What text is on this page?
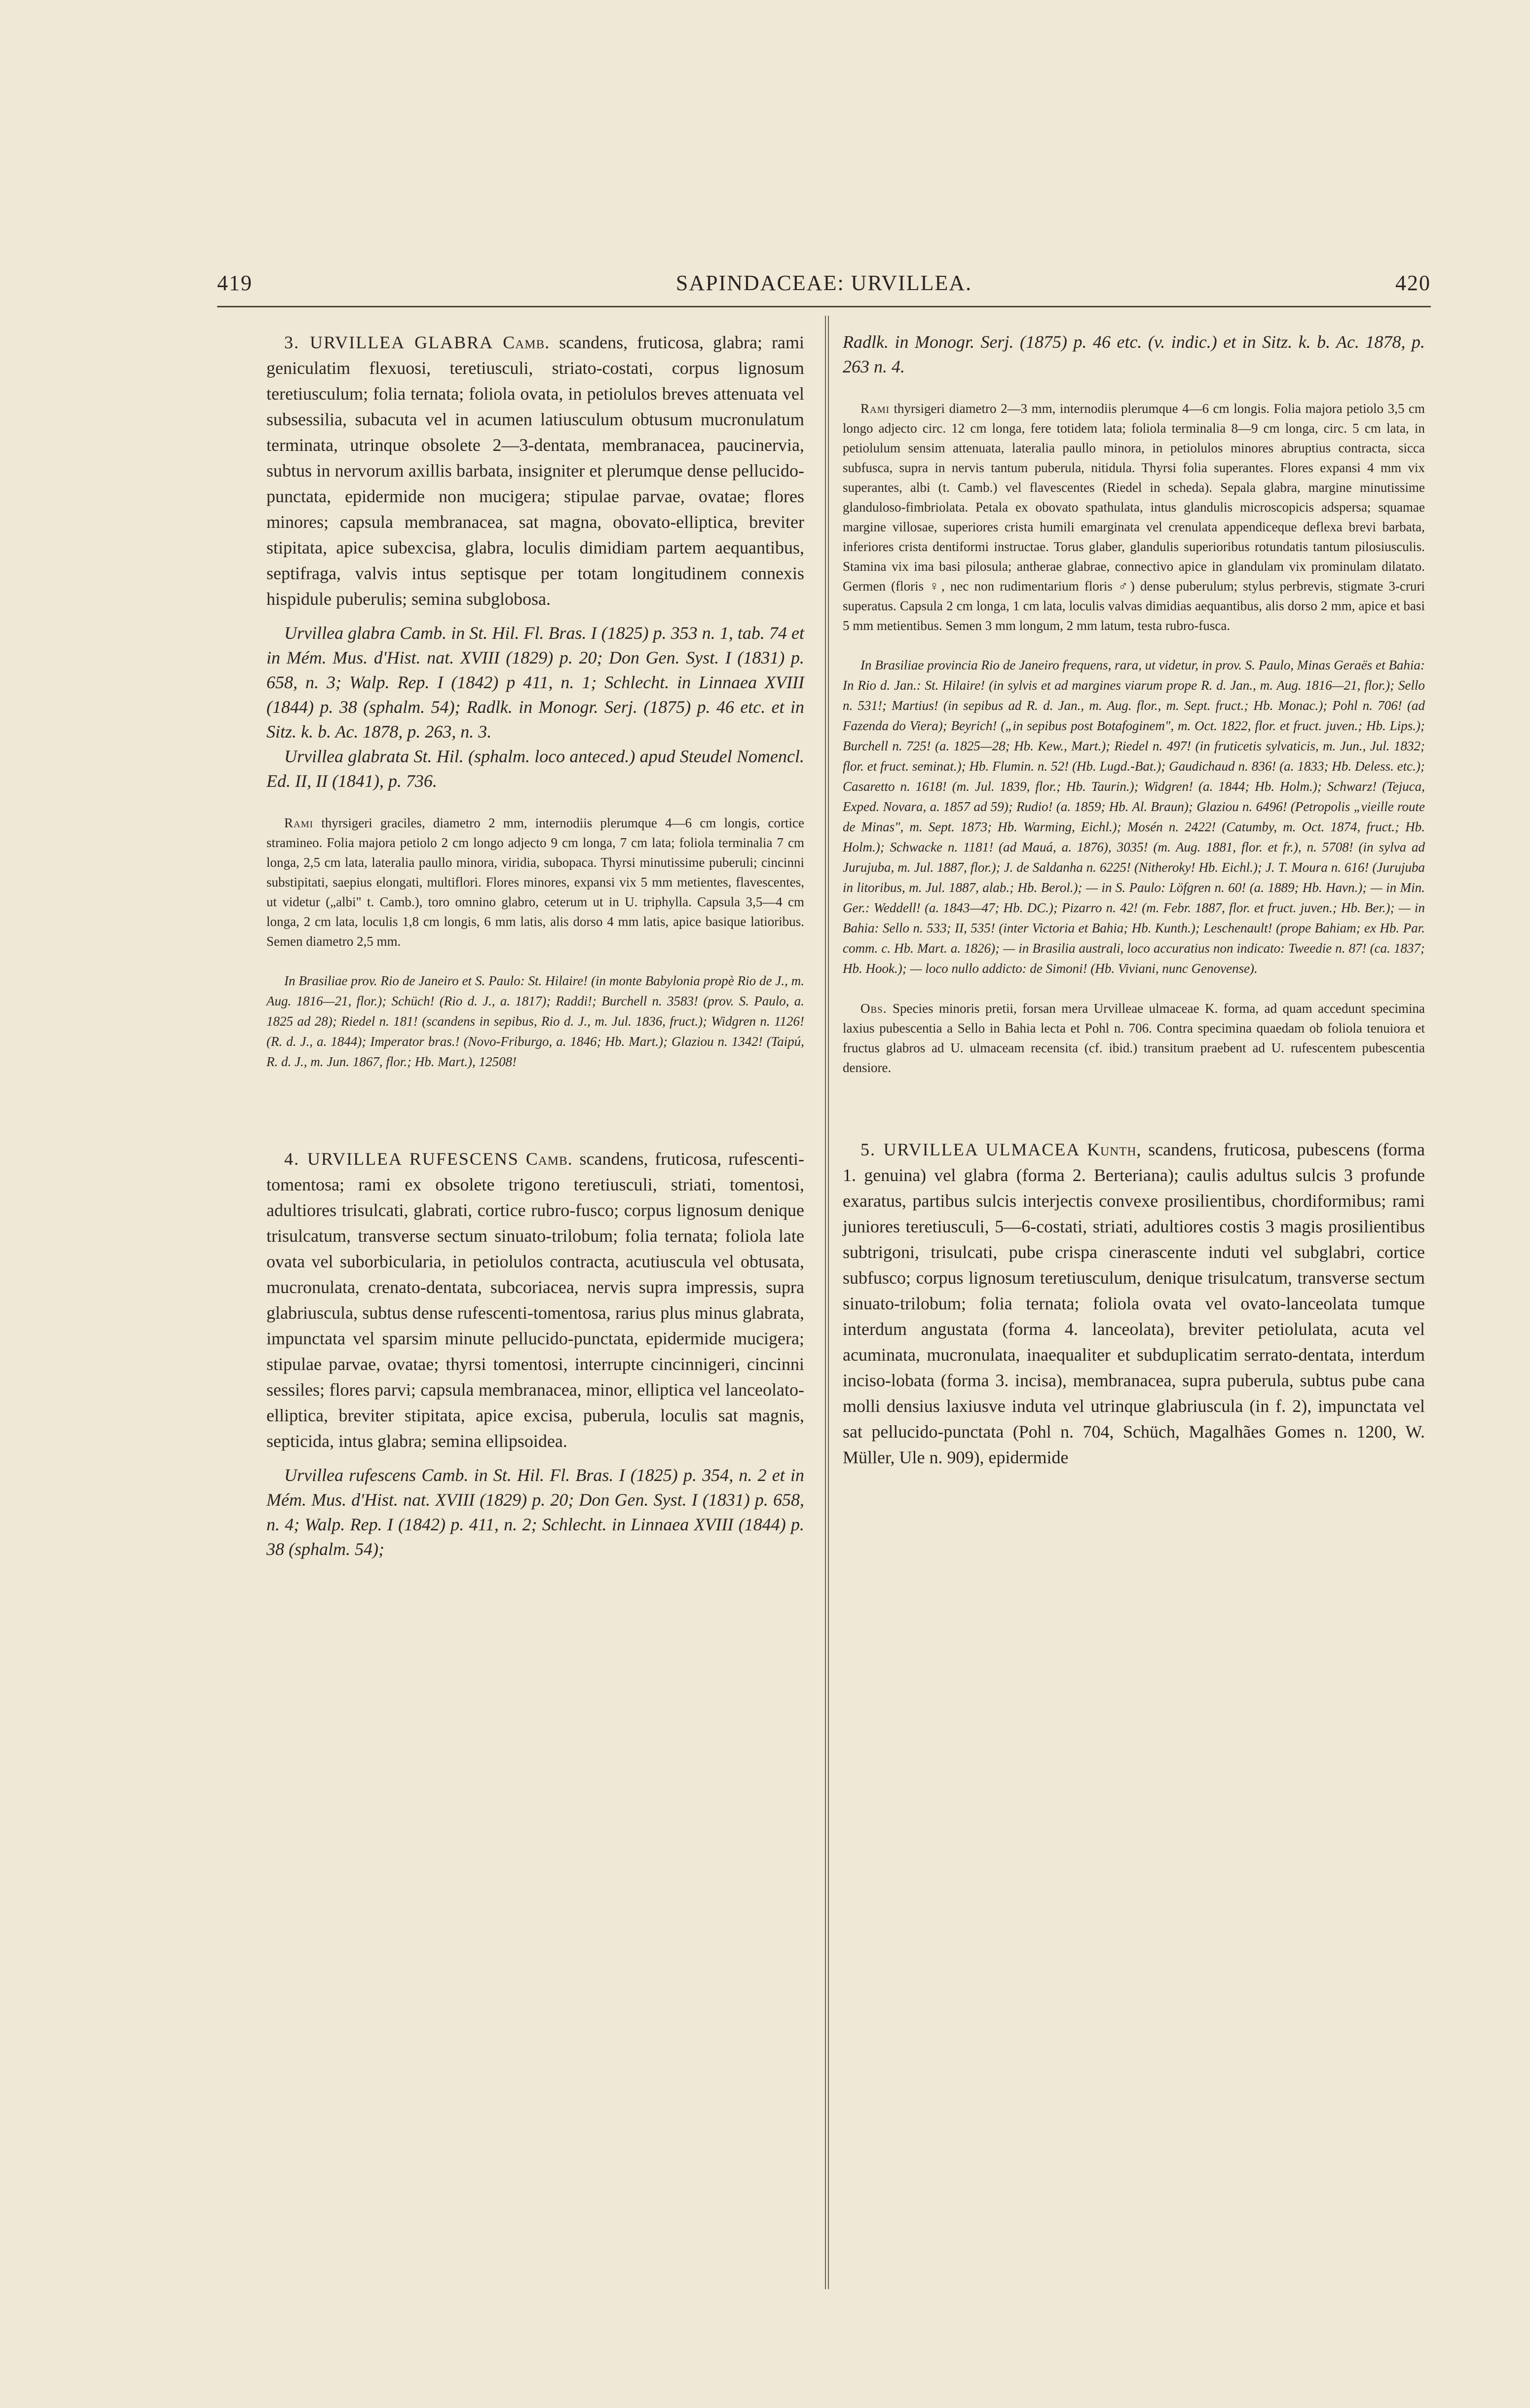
419	SAPINDACEAE: URVILLEA.	420

3. URVILLEA GLABRA Camb. scandens, fruticosa, glabra; rami geniculatim flexuosi, teretiusculi, striato-costati, corpus lignosum teretiusculum; folia ternata; foliola ovata, in petiolulos breves attenuata vel subsessilia, subacuta vel in acumen latiusculum obtusum mucronulatum terminata, utrinque obsolete 2—3-dentata, membranacea, paucinervia, subtus in nervorum axillis barbata, insigniter et plerumque dense pellucido-punctata, epidermide non mucigera; stipulae parvae, ovatae; flores minores; capsula membranacea, sat magna, obovato-elliptica, breviter stipitata, apice subexcisa, glabra, loculis dimidiam partem aequantibus, septifraga, valvis intus septisque per totam longitudinem connexis hispidule puberulis; semina subglobosa.

Urvillea glabra Camb. in St. Hil. Fl. Bras. I (1825) p. 353 n. 1, tab. 74 et in Mém. Mus. d'Hist. nat. XVIII (1829) p. 20; Don Gen. Syst. I (1831) p. 658, n. 3; Walp. Rep. I (1842) p 411, n. 1; Schlecht. in Linnaea XVIII (1844) p. 38 (sphalm. 54); Radlk. in Monogr. Serj. (1875) p. 46 etc. et in Sitz. k. b. Ac. 1878, p. 263, n. 3.

Urvillea glabrata St. Hil. (sphalm. loco anteced.) apud Steudel Nomencl. Ed. II, II (1841), p. 736.

Rami thyrsigeri graciles, diametro 2 mm, internodiis plerumque 4—6 cm longis, cortice stramineo. Folia majora petiolo 2 cm longo adjecto 9 cm longa, 7 cm lata; foliola terminalia 7 cm longa, 2,5 cm lata, lateralia paullo minora, viridia, subopaca. Thyrsi minutissime puberuli; cincinni substipitati, saepius elongati, multiflori. Flores minores, expansi vix 5 mm metientes, flavescentes, ut videtur („albi" t. Camb.), toro omnino glabro, ceterum ut in U. triphylla. Capsula 3,5—4 cm longa, 2 cm lata, loculis 1,8 cm longis, 6 mm latis, alis dorso 4 mm latis, apice basique latioribus. Semen diametro 2,5 mm.

In Brasiliae prov. Rio de Janeiro et S. Paulo: St. Hilaire! (in monte Babylonia propè Rio de J., m. Aug. 1816—21, flor.); Schüch! (Rio d. J., a. 1817); Raddi!; Burchell n. 3583! (prov. S. Paulo, a. 1825 ad 28); Riedel n. 181! (scandens in sepibus, Rio d. J., m. Jul. 1836, fruct.); Widgren n. 1126! (R. d. J., a. 1844); Imperator bras.! (Novo-Friburgo, a. 1846; Hb. Mart.); Glaziou n. 1342! (Taipú, R. d. J., m. Jun. 1867, flor.; Hb. Mart.), 12508!

4. URVILLEA RUFESCENS Camb. scandens, fruticosa, rufescenti-tomentosa; rami ex obsolete trigono teretiusculi, striati, tomentosi, adultiores trisulcati, glabrati, cortice rubro-fusco; corpus lignosum denique trisulcatum, transverse sectum sinuato-trilobum; folia ternata; foliola late ovata vel suborbicularia, in petiolulos contracta, acutiuscula vel obtusata, mucronulata, crenato-dentata, subcoriacea, nervis supra impressis, supra glabriuscula, subtus dense rufescenti-tomentosa, rarius plus minus glabrata, impunctata vel sparsim minute pellucido-punctata, epidermide mucigera; stipulae parvae, ovatae; thyrsi tomentosi, interrupte cincinnigeri, cincinni sessiles; flores parvi; capsula membranacea, minor, elliptica vel lanceolato-elliptica, breviter stipitata, apice excisa, puberula, loculis sat magnis, septicida, intus glabra; semina ellipsoidea.

Urvillea rufescens Camb. in St. Hil. Fl. Bras. I (1825) p. 354, n. 2 et in Mém. Mus. d'Hist. nat. XVIII (1829) p. 20; Don Gen. Syst. I (1831) p. 658, n. 4; Walp. Rep. I (1842) p. 411, n. 2; Schlecht. in Linnaea XVIII (1844) p. 38 (sphalm. 54);

Radlk. in Monogr. Serj. (1875) p. 46 etc. (v. indic.) et in Sitz. k. b. Ac. 1878, p. 263 n. 4.

Rami thyrsigeri diametro 2—3 mm, internodiis plerumque 4—6 cm longis. Folia majora petiolo 3,5 cm longo adjecto circ. 12 cm longa, fere totidem lata; foliola terminalia 8—9 cm longa, circ. 5 cm lata, in petiolulum sensim attenuata, lateralia paullo minora, in petiolulos minores abruptius contracta, sicca subfusca, supra in nervis tantum puberula, nitidula. Thyrsi folia superantes. Flores expansi 4 mm vix superantes, albi (t. Camb.) vel flavescentes (Riedel in scheda). Sepala glabra, margine minutissime glanduloso-fimbriolata. Petala ex obovato spathulata, intus glandulis microscopicis adspersa; squamae margine villosae, superiores crista humili emarginata vel crenulata appendiceque deflexa brevi barbata, inferiores crista dentiformi instructae. Torus glaber, glandulis superioribus rotundatis tantum pilosiusculis. Stamina vix ima basi pilosula; antherae glabrae, connectivo apice in glandulam vix prominulam dilatato. Germen (floris ♀, nec non rudimentarium floris ♂) dense puberulum; stylus perbrevis, stigmate 3-cruri superatus. Capsula 2 cm longa, 1 cm lata, loculis valvas dimidias aequantibus, alis dorso 2 mm, apice et basi 5 mm metientibus. Semen 3 mm longum, 2 mm latum, testa rubro-fusca.

In Brasiliae provincia Rio de Janeiro frequens, rara, ut videtur, in prov. S. Paulo, Minas Geraës et Bahia: In Rio d. Jan.: St. Hilaire! (in sylvis et ad margines viarum prope R. d. Jan., m. Aug. 1816—21, flor.); Sello n. 531!; Martius! (in sepibus ad R. d. Jan., m. Aug. flor., m. Sept. fruct.; Hb. Monac.); Pohl n. 706! (ad Fazenda do Viera); Beyrich! („in sepibus post Botafoginem", m. Oct. 1822, flor. et fruct. juven.; Hb. Lips.); Burchell n. 725! (a. 1825—28; Hb. Kew., Mart.); Riedel n. 497! (in fruticetis sylvaticis, m. Jun., Jul. 1832; flor. et fruct. seminat.); Hb. Flumin. n. 52! (Hb. Lugd.-Bat.); Gaudichaud n. 836! (a. 1833; Hb. Deless. etc.); Casaretto n. 1618! (m. Jul. 1839, flor.; Hb. Taurin.); Widgren! (a. 1844; Hb. Holm.); Schwarz! (Tejuca, Exped. Novara, a. 1857 ad 59); Rudio! (a. 1859; Hb. Al. Braun); Glaziou n. 6496! (Petropolis „vieille route de Minas", m. Sept. 1873; Hb. Warming, Eichl.); Mosén n. 2422! (Catumby, m. Oct. 1874, fruct.; Hb. Holm.); Schwacke n. 1181! (ad Mauá, a. 1876), 3035! (m. Aug. 1881, flor. et fr.), n. 5708! (in sylva ad Jurujuba, m. Jul. 1887, flor.); J. de Saldanha n. 6225! (Nitheroky! Hb. Eichl.); J. T. Moura n. 616! (Jurujuba in litoribus, m. Jul. 1887, alab.; Hb. Berol.); — in S. Paulo: Löfgren n. 60! (a. 1889; Hb. Havn.); — in Min. Ger.: Weddell! (a. 1843—47; Hb. DC.); Pizarro n. 42! (m. Febr. 1887, flor. et fruct. juven.; Hb. Ber.); — in Bahia: Sello n. 533; II, 535! (inter Victoria et Bahia; Hb. Kunth.); Leschenault! (prope Bahiam; ex Hb. Par. comm. c. Hb. Mart. a. 1826); — in Brasilia australi, loco accuratius non indicato: Tweedie n. 87! (ca. 1837; Hb. Hook.); — loco nullo addicto: de Simoni! (Hb. Viviani, nunc Genovense).

Obs. Species minoris pretii, forsan mera Urvilleae ulmaceae K. forma, ad quam accedunt specimina laxius pubescentia a Sello in Bahia lecta et Pohl n. 706. Contra specimina quaedam ob foliola tenuiora et fructus glabros ad U. ulmaceam recensita (cf. ibid.) transitum praebent ad U. rufescentem pubescentia densiore.

5. URVILLEA ULMACEA Kunth, scandens, fruticosa, pubescens (forma 1. genuina) vel glabra (forma 2. Berteriana); caulis adultus sulcis 3 profunde exaratus, partibus sulcis interjectis convexe prosilientibus, chordiformibus; rami juniores teretiusculi, 5—6-costati, striati, adultiores costis 3 magis prosilientibus subtrigoni, trisulcati, pube crispa cinerascente induti vel subglabri, cortice subfusco; corpus lignosum teretiusculum, denique trisulcatum, transverse sectum sinuato-trilobum; folia ternata; foliola ovata vel ovato-lanceolata tumque interdum angustata (forma 4. lanceolata), breviter petiolulata, acuta vel acuminata, mucronulata, inaequaliter et subduplicatim serrato-dentata, interdum inciso-lobata (forma 3. incisa), membranacea, supra puberula, subtus pube cana molli densius laxiusve induta vel utrinque glabriuscula (in f. 2), impunctata vel sat pellucido-punctata (Pohl n. 704, Schüch, Magalhães Gomes n. 1200, W. Müller, Ule n. 909), epidermide
